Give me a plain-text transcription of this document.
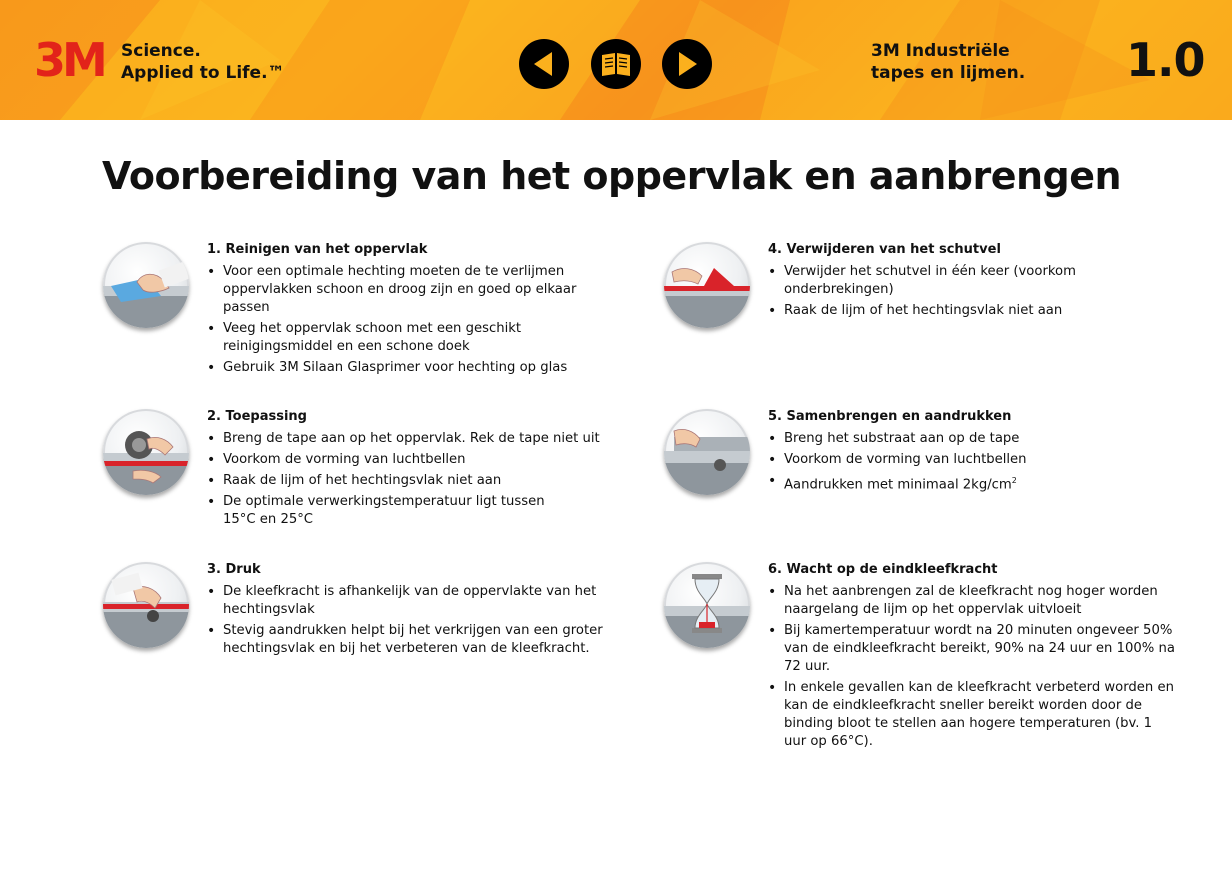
3M Science.
Applied to Life.™
3M Industriële
tapes en lijmen. 1.0
Voorbereiding van het oppervlak en aanbrengen
1. Reinigen van het oppervlak
• Voor een optimale hechting moeten de te verlijmen oppervlakken schoon en droog zijn en goed op elkaar passen
• Veeg het oppervlak schoon met een geschikt reinigingsmiddel en een schone doek
• Gebruik 3M Silaan Glasprimer voor hechting op glas
2. Toepassing
• Breng de tape aan op het oppervlak. Rek de tape niet uit
• Voorkom de vorming van luchtbellen
• Raak de lijm of het hechtingsvlak niet aan
• De optimale verwerkingstemperatuur ligt tussen 15°C en 25°C
3. Druk
• De kleefkracht is afhankelijk van de oppervlakte van het hechtingsvlak
• Stevig aandrukken helpt bij het verkrijgen van een groter hechtingsvlak en bij het verbeteren van de kleefkracht.
4. Verwijderen van het schutvel
• Verwijder het schutvel in één keer (voorkom onderbrekingen)
• Raak de lijm of het hechtingsvlak niet aan
5. Samenbrengen en aandrukken
• Breng het substraat aan op de tape
• Voorkom de vorming van luchtbellen
• Aandrukken met minimaal $2kg/cm^2$
6. Wacht op de eindkleefkracht
• Na het aanbrengen zal de kleefkracht nog hoger worden naargelang de lijm op het oppervlak uitvloeit
• Bij kamertemperatuur wordt na 20 minuten ongeveer 50% van de eindkleefkracht bereikt, 90% na 24 uur en 100% na 72 uur.
• In enkele gevallen kan de kleefkracht verbeterd worden en kan de eindkleefkracht sneller bereikt worden door de binding bloot te stellen aan hogere temperaturen (bv. 1 uur op 66°C).
